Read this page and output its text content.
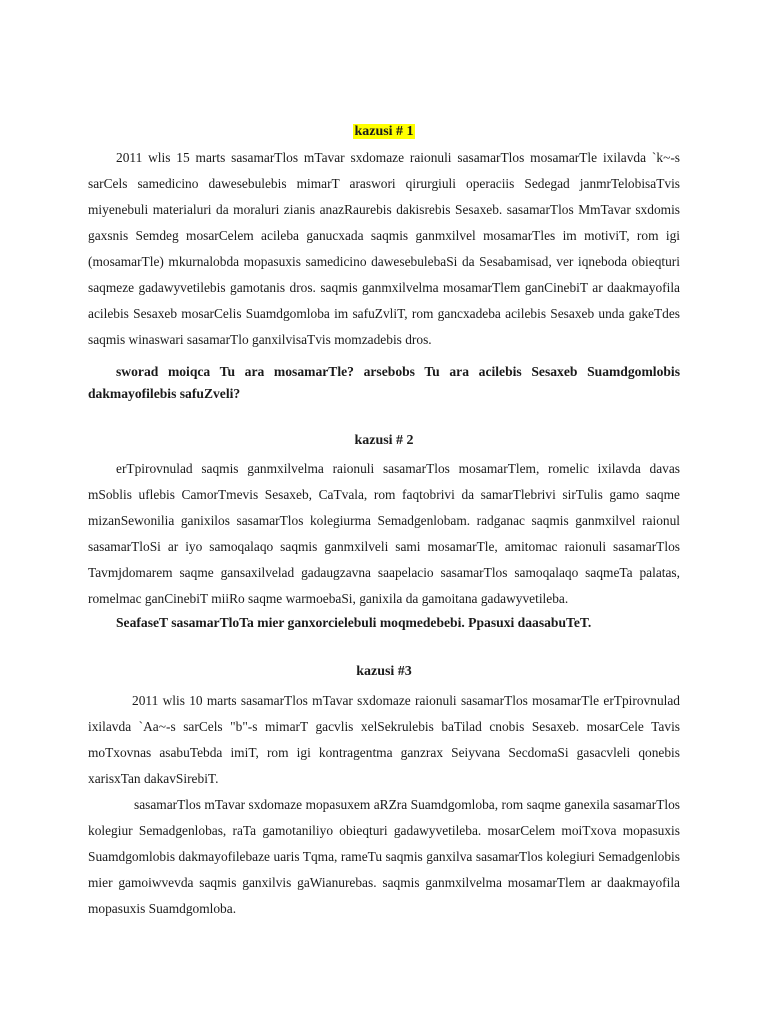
kazusi # 1

2011 wlis 15 marts sasamarTlos mTavar sxdomaze raionuli sasamarTlos mosamarTle ixilavda `k~-s sarCels samedicino dawesebulebis mimarT araswori qirurgiuli operaciis Sedegad janmrTelobisaTvis miyenebuli materialuri da moraluri zianis anazRaurebis dakisrebis Sesaxeb. sasamarTlos MmTavar sxdomis gaxsnis Semdeg mosarCelem acileba ganucxada saqmis ganmxilvel mosamarTles im motiviT, rom igi (mosamarTle) mkurnalobda mopasuxis samedicino dawesebulebaSi da Sesabamisad, ver iqneboda obieqturi saqmeze gadawyvetilebis gamotanis dros. saqmis ganmxilvelma mosamarTlem ganCinebiT ar daakmayofila acilebis Sesaxeb mosarCelis Suamdgomloba im safuZvliT, rom gancxadeba acilebis Sesaxeb unda gakeTdes saqmis winaswari sasamarTlo ganxilvisaTvis momzadebis dros.

sworad moiqca Tu ara mosamarTle? arsebobs Tu ara acilebis Sesaxeb Suamdgomlobis dakmayofilebis safuZveli?

kazusi # 2

erTpirovnulad saqmis ganmxilvelma raionuli sasamarTlos mosamarTlem, romelic ixilavda davas mSoblis uflebis CamorTmevis Sesaxeb, CaTvala, rom faqtobrivi da samarTlebrivi sirTulis gamo saqme mizanSewonilia ganixilos sasamarTlos kolegiurma Semadgenlobam. radganac saqmis ganmxilvel raionul sasamarTloSi ar iyo samoqalaqo saqmis ganmxilveli sami mosamarTle, amitomac raionuli sasamarTlos Tavmjdomarem saqme gansaxilvelad gadaugzavna saapelacio sasamarTlos samoqalaqo saqmeTa palatas, romelmac ganCinebiT miiRo saqme warmoebaSi, ganixila da gamoitana gadawyvetileba.

SeafaseT sasamarTloTa mier ganxorcielebuli moqmedebebi. Ppasuxi daasabuTeT.

kazusi #3

2011 wlis 10 marts sasamarTlos mTavar sxdomaze raionuli sasamarTlos mosamarTle erTpirovnulad ixilavda `Aa~-s sarCels "b"-s mimarT gacvlis xelSekrulebis baTilad cnobis Sesaxeb. mosarCele Tavis moTxovnas asabuTebda imiT, rom igi kontragentma ganzrax Seiyvana SecdomaSi gasacvleli qonebis xarisxTan dakavSirebiT.

sasamarTlos mTavar sxdomaze mopasuxem aRZra Suamdgomloba, rom saqme ganexila sasamarTlos kolegiur Semadgenlobas, raTa gamotaniliyo obieqturi gadawyvetileba. mosarCelem moiTxova mopasuxis Suamdgomlobis dakmayofilebaze uaris Tqma, rameTu saqmis ganxilva sasamarTlos kolegiuri Semadgenlobis mier gamoiwvevda saqmis ganxilvis gaWianurebas. saqmis ganmxilvelma mosamarTlem ar daakmayofila mopasuxis Suamdgomloba.
